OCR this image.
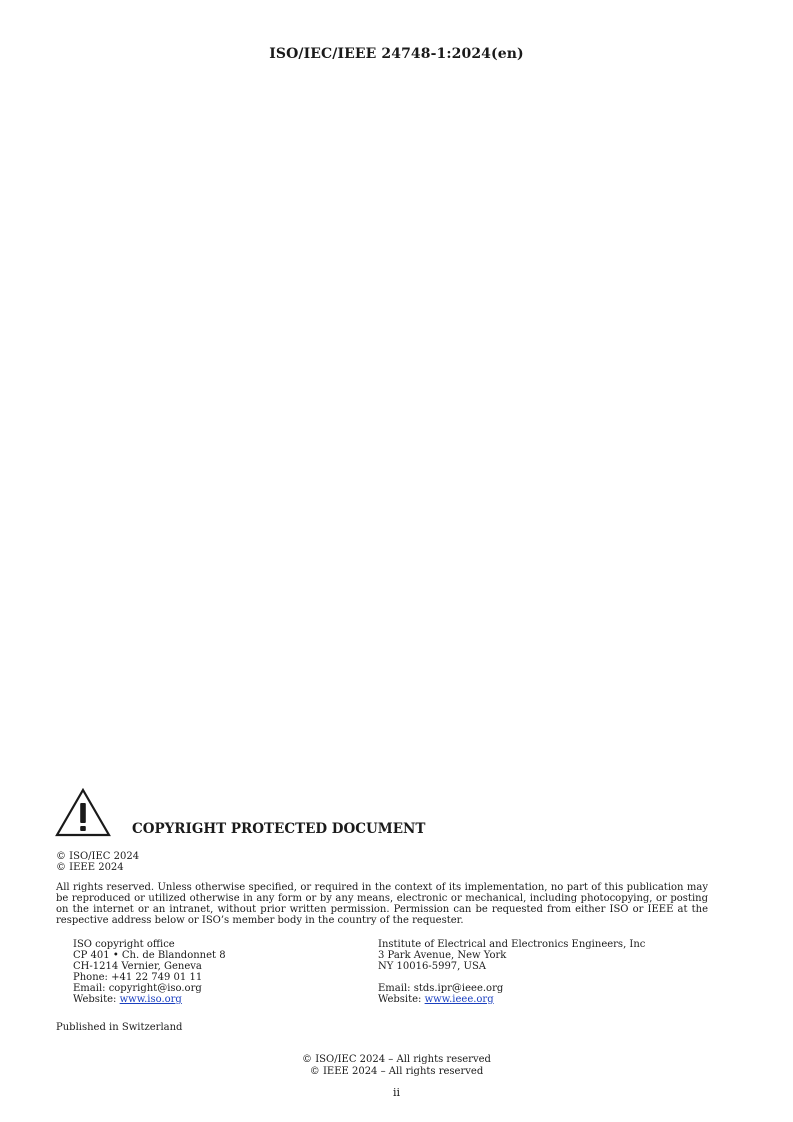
ISO/IEC/IEEE 24748-1:2024(en)
COPYRIGHT PROTECTED DOCUMENT
© ISO/IEC 2024
© IEEE 2024
All rights reserved. Unless otherwise specified, or required in the context of its implementation, no part of this publication may be reproduced or utilized otherwise in any form or by any means, electronic or mechanical, including photocopying, or posting on the internet or an intranet, without prior written permission. Permission can be requested from either ISO or IEEE at the respective address below or ISO’s member body in the country of the requester.
ISO copyright office
CP 401 • Ch. de Blandonnet 8
CH-1214 Vernier, Geneva
Phone: +41 22 749 01 11
Email: copyright@iso.org
Website: www.iso.org
Institute of Electrical and Electronics Engineers, Inc
3 Park Avenue, New York
NY 10016-5997, USA
Email: stds.ipr@ieee.org
Website: www.ieee.org
Published in Switzerland
© ISO/IEC 2024 – All rights reserved
© IEEE 2024 – All rights reserved
ii
